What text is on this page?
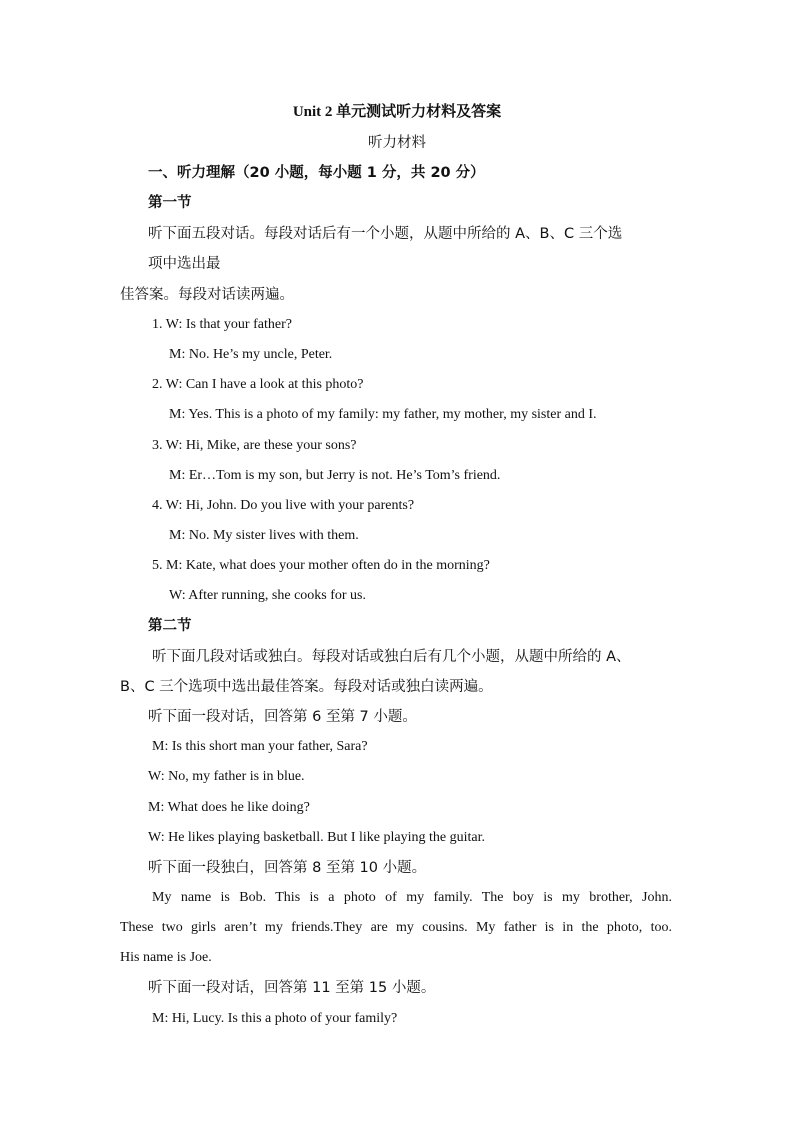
Unit 2 单元测试听力材料及答案
听力材料
一、听力理解（20 小题，每小题 1 分，共 20 分）
第一节
听下面五段对话。每段对话后有一个小题，从题中所给的 A、B、C 三个选
项中选出最
佳答案。每段对话读两遍。
1. W: Is that your father?
M: No. He’s my uncle, Peter.
2. W: Can I have a look at this photo?
M: Yes. This is a photo of my family: my father, my mother, my sister and I.
3. W: Hi, Mike, are these your sons?
M: Er…Tom is my son, but Jerry is not. He’s Tom’s friend.
4. W: Hi, John. Do you live with your parents?
M: No. My sister lives with them.
5. M: Kate, what does your mother often do in the morning?
W: After running, she cooks for us.
第二节
听下面几段对话或独白。每段对话或独白后有几个小题，从题中所给的 A、
B、C 三个选项中选出最佳答案。每段对话或独白读两遍。
听下面一段对话，回答第 6 至第 7 小题。
M: Is this short man your father, Sara?
W: No, my father is in blue.
M: What does he like doing?
W: He likes playing basketball. But I like playing the guitar.
听下面一段独白，回答第 8 至第 10 小题。
My name is Bob. This is a photo of my family. The boy is my brother, John.
These two girls aren’t my friends.They are my cousins. My father is in the photo, too.
His name is Joe.
听下面一段对话，回答第 11 至第 15 小题。
M: Hi, Lucy. Is this a photo of your family?
